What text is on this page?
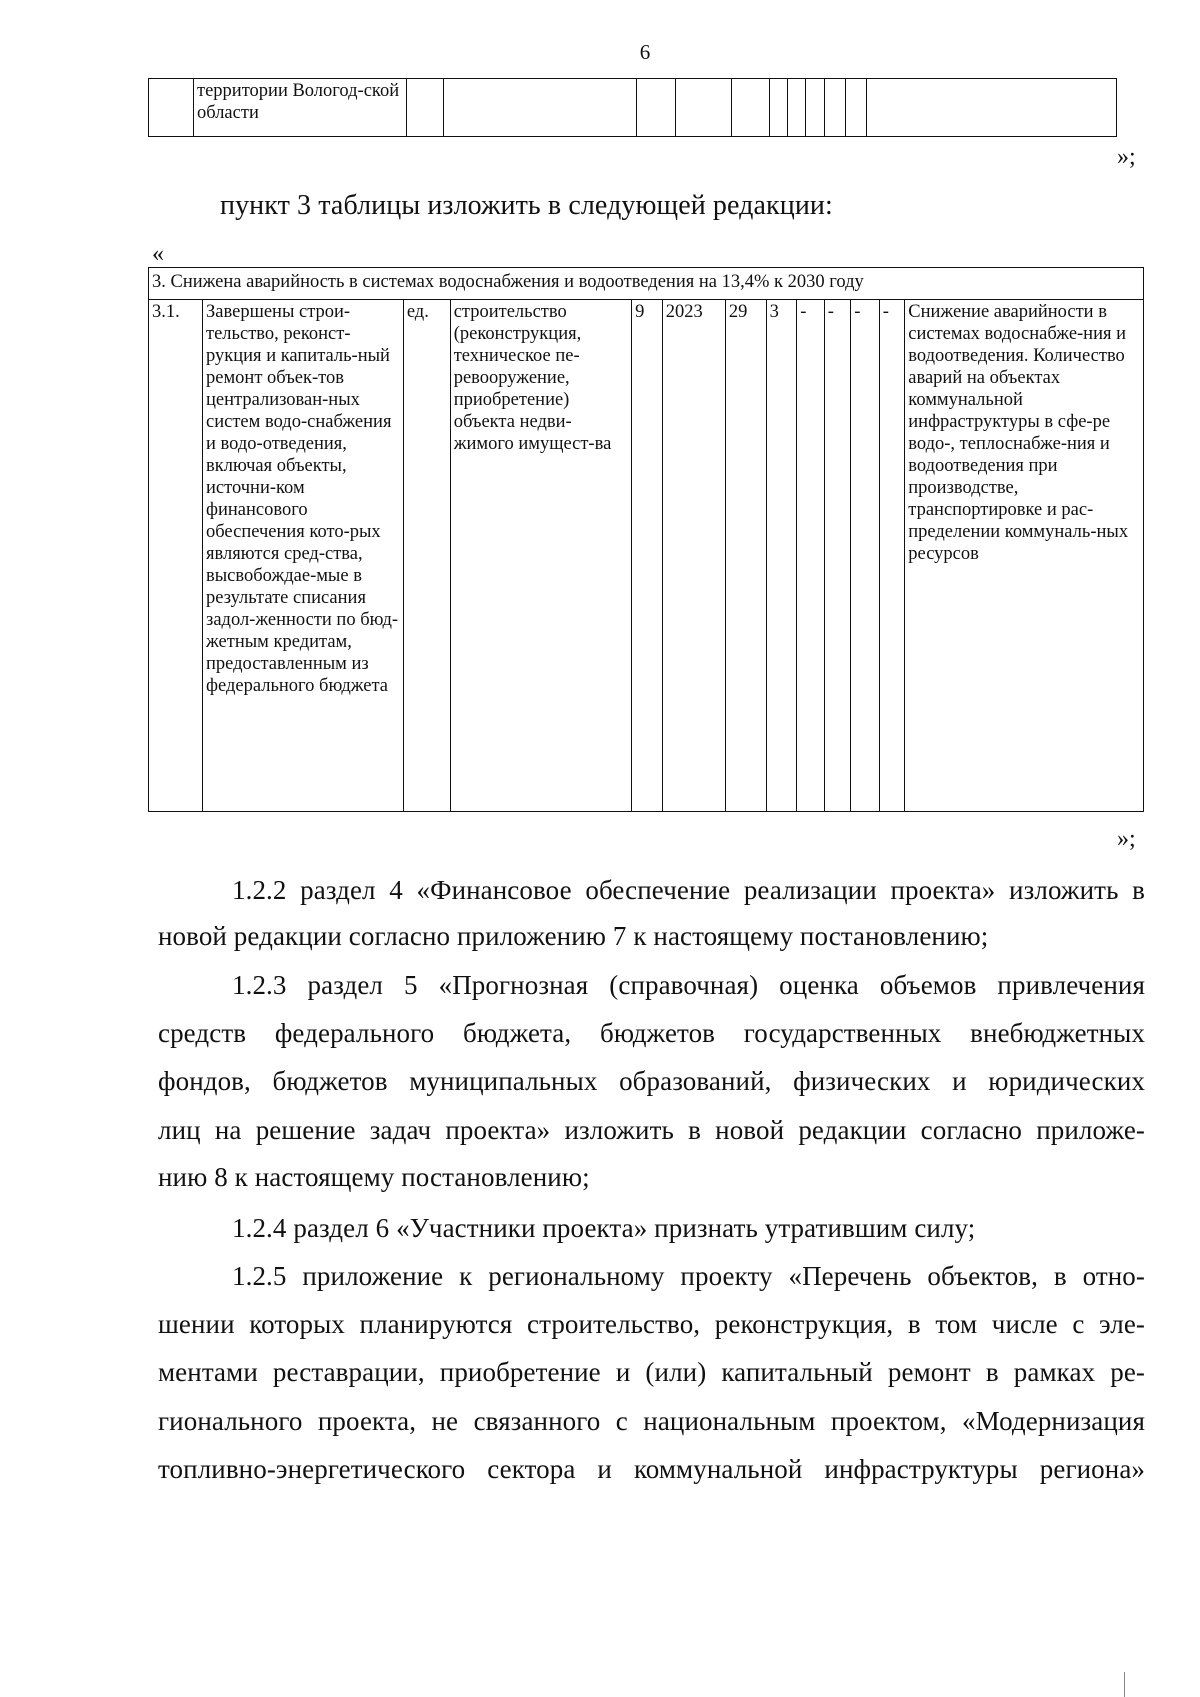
6
	территории Вологод-ской области											
»;
пункт 3 таблицы изложить в следующей редакции:
«
3. Снижена аварийность в системах водоснабжения и водоотведения на 13,4% к 2030 году
3.1.	Завершены строи-тельство, реконст-рукция и капиталь-ный ремонт объек-тов централизован-ных систем водо-снабжения и водо-отведения, включая объекты, источни-ком финансового обеспечения кото-рых являются сред-ства, высвобождае-мые в результате списания задол-женности по бюд-жетным кредитам, предоставленным из федерального бюджета	ед.	строительство (реконструкция, техническое пе-ревооружение, приобретение) объекта недви-жимого имущест-ва	9	2023	29	3	-	-	-	-	Снижение аварийности в системах водоснабже-ния и водоотведения. Количество аварий на объектах коммунальной инфраструктуры в сфе-ре водо-, теплоснабже-ния и водоотведения при производстве, транспортировке и рас-пределении коммуналь-ных ресурсов
»;
1.2.2 раздел 4 «Финансовое обеспечение реализации проекта» изложить в
новой редакции согласно приложению 7 к настоящему постановлению;
1.2.3 раздел 5 «Прогнозная (справочная) оценка объемов привлечения
средств федерального бюджета, бюджетов государственных внебюджетных
фондов, бюджетов муниципальных образований, физических и юридических
лиц на решение задач проекта» изложить в новой редакции согласно приложе-
нию 8 к настоящему постановлению;
1.2.4 раздел 6 «Участники проекта» признать утратившим силу;
1.2.5 приложение к региональному проекту «Перечень объектов, в отно-
шении которых планируются строительство, реконструкция, в том числе с эле-
ментами реставрации, приобретение и (или) капитальный ремонт в рамках ре-
гионального проекта, не связанного с национальным проектом, «Модернизация
топливно-энергетического сектора и коммунальной инфраструктуры региона»
